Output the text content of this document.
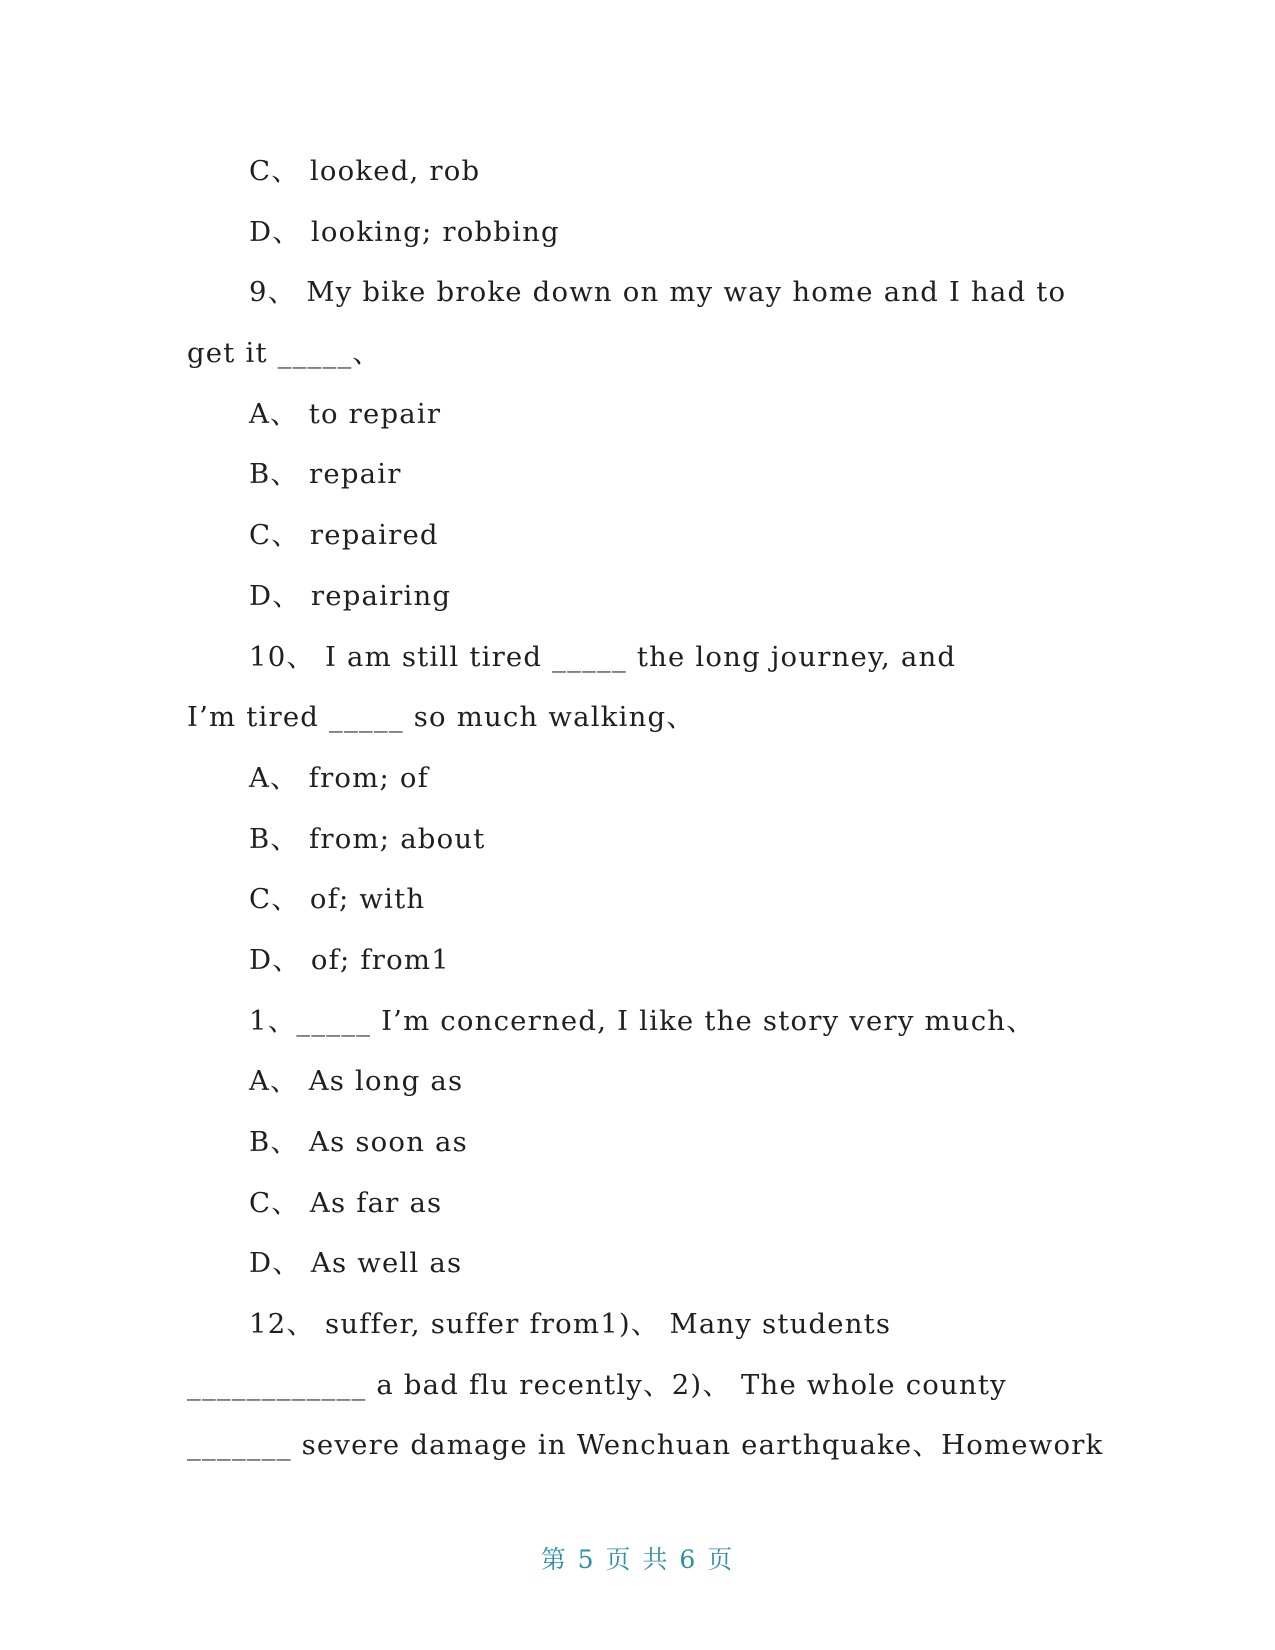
C、 looked, rob
D、 looking; robbing
9、 My bike broke down on my way home and I had to
get it _____、
A、 to repair
B、 repair
C、 repaired
D、 repairing
10、 I am still tired _____ the long journey, and
I’m tired _____ so much walking、
A、 from; of
B、 from; about
C、 of; with
D、 of; from1
1、_____ I’m concerned, I like the story very much、
A、 As long as
B、 As soon as
C、 As far as
D、 As well as
12、 suffer, suffer from1)、 Many students
____________ a bad flu recently、2)、 The whole county
_______ severe damage in Wenchuan earthquake、Homework
第 5 页 共 6 页
